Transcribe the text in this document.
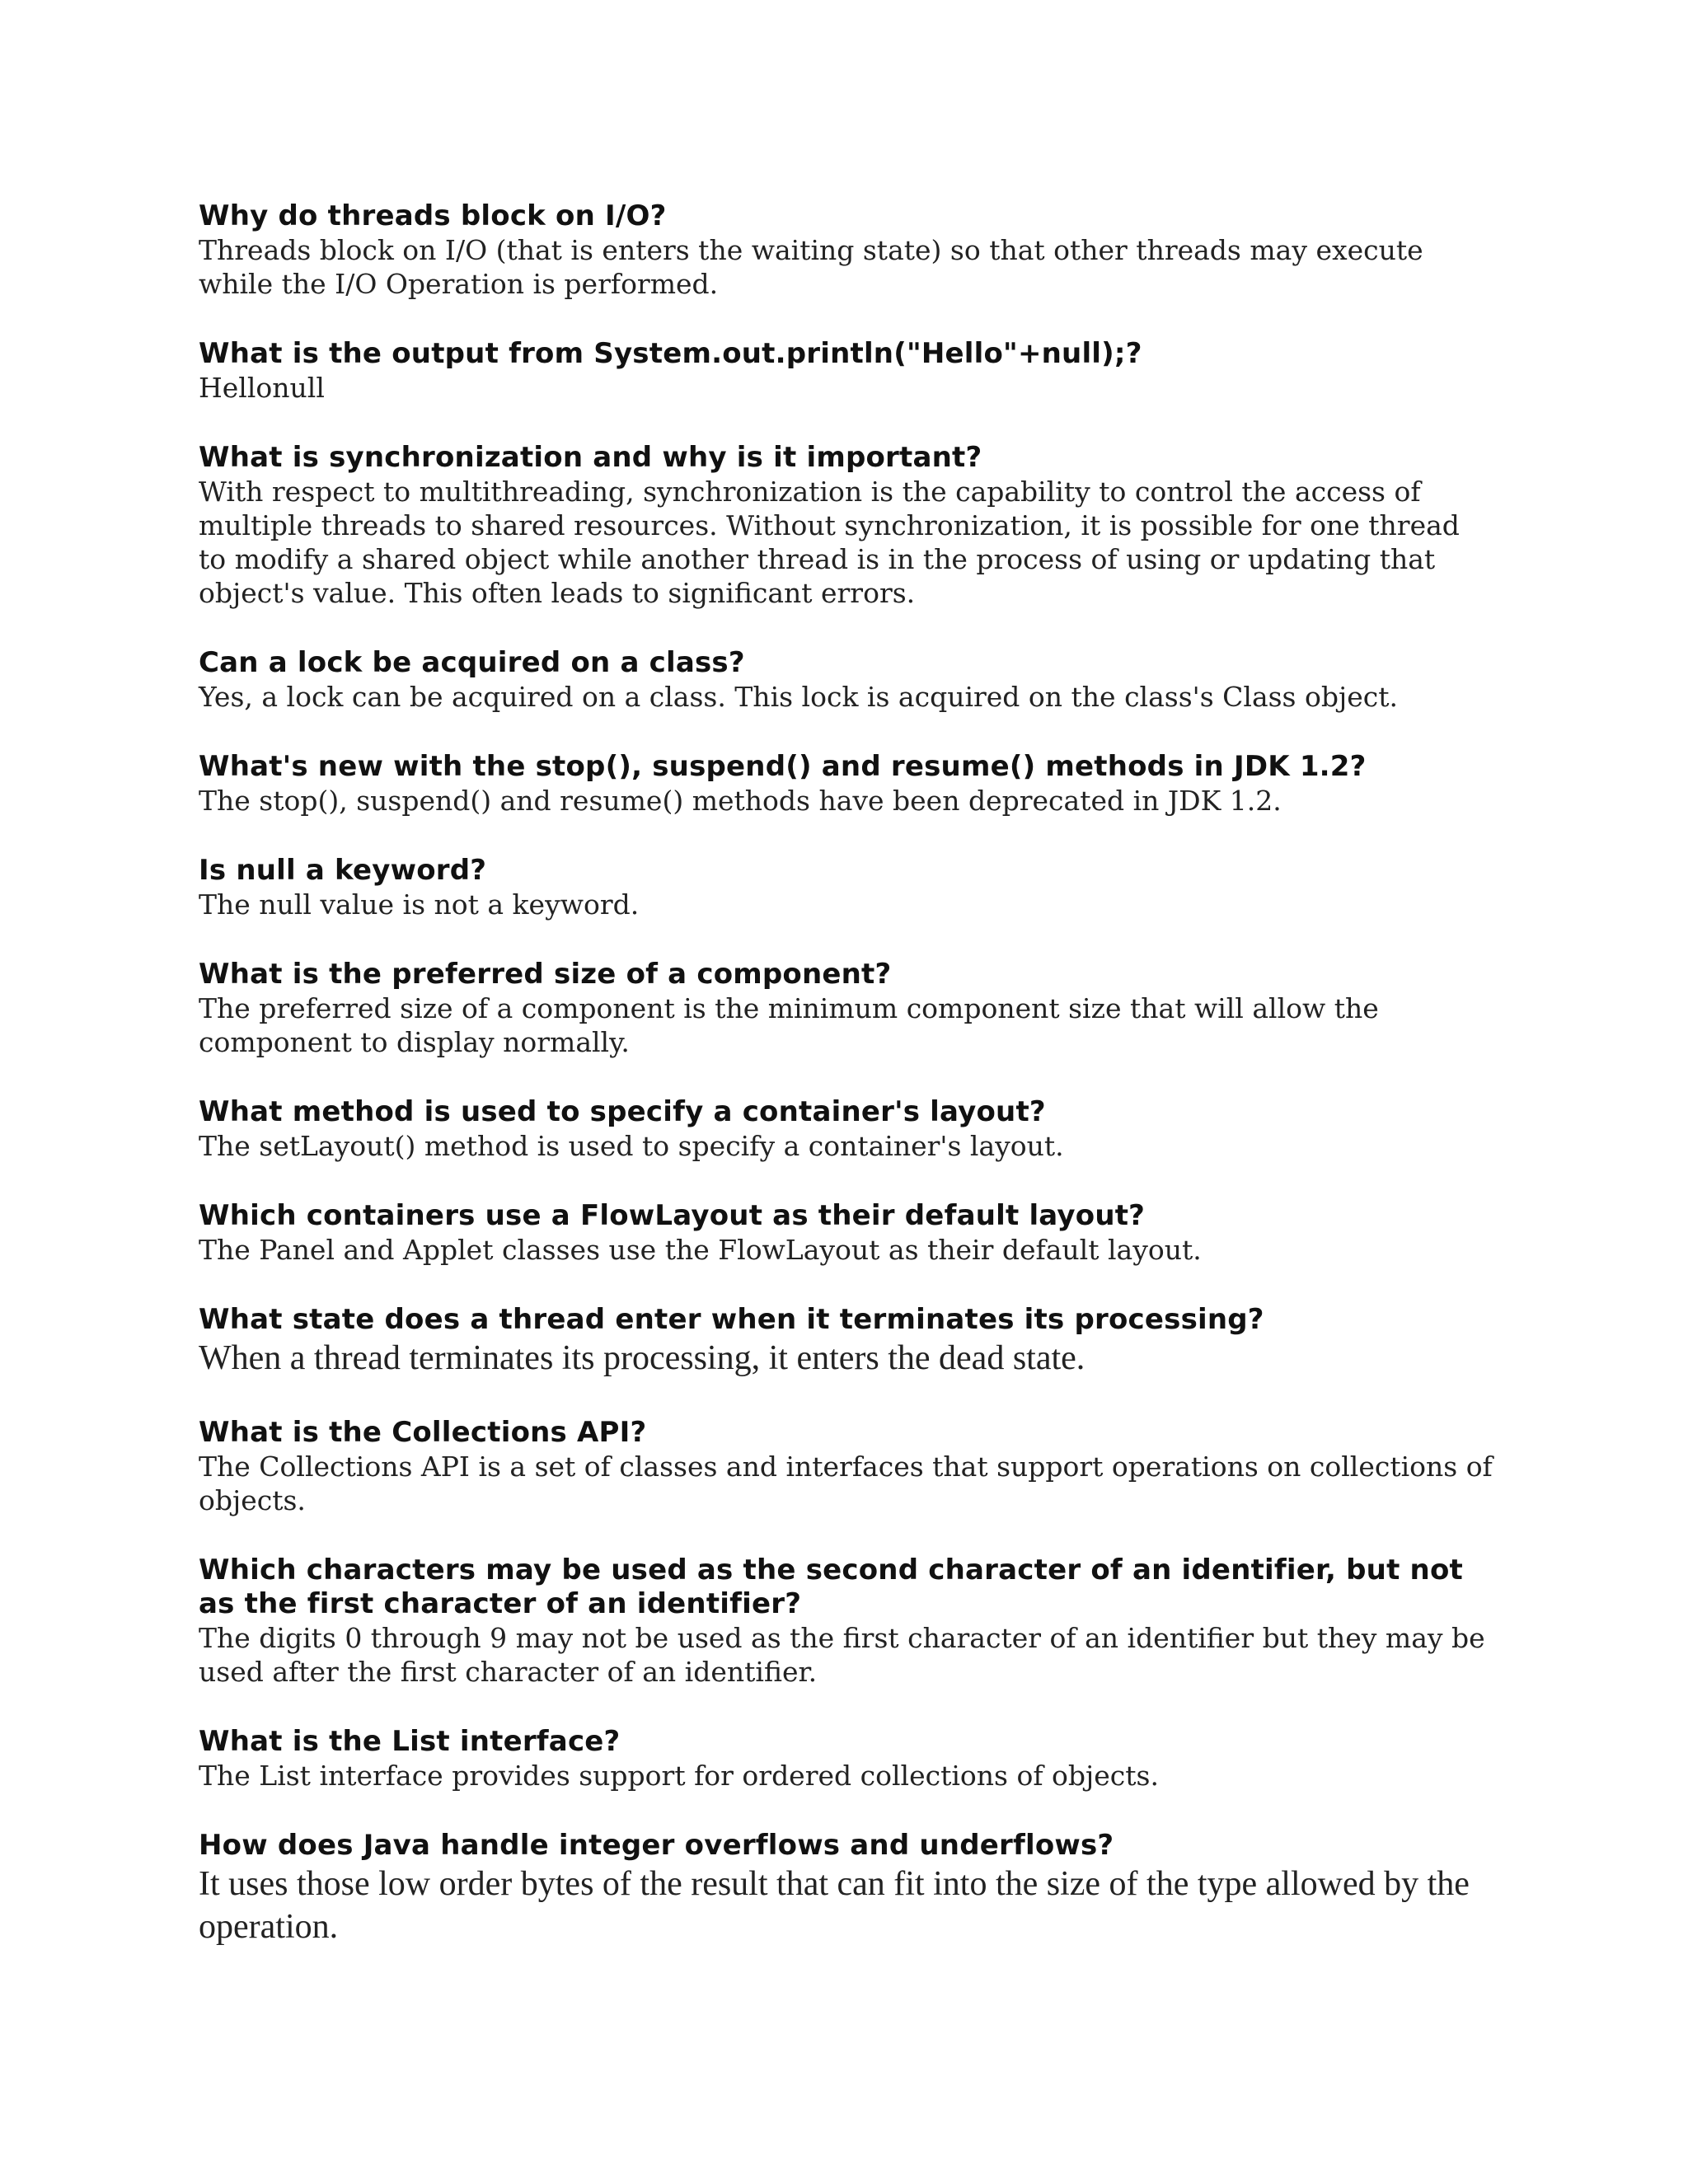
Why do threads block on I/O?

Threads block on I/O (that is enters the waiting state) so that other threads may execute while the I/O Operation is performed.

What is the output from System.out.println("Hello"+null);?

Hellonull

What is synchronization and why is it important?

With respect to multithreading, synchronization is the capability to control the access of multiple threads to shared resources. Without synchronization, it is possible for one thread to modify a shared object while another thread is in the process of using or updating that object's value. This often leads to significant errors.

Can a lock be acquired on a class?

Yes, a lock can be acquired on a class. This lock is acquired on the class's Class object.

What's new with the stop(), suspend() and resume() methods in JDK 1.2?

The stop(), suspend() and resume() methods have been deprecated in JDK 1.2.

Is null a keyword?

The null value is not a keyword.

What is the preferred size of a component?

The preferred size of a component is the minimum component size that will allow the component to display normally.

What method is used to specify a container's layout?

The setLayout() method is used to specify a container's layout.

Which containers use a FlowLayout as their default layout?

The Panel and Applet classes use the FlowLayout as their default layout.

What state does a thread enter when it terminates its processing?

When a thread terminates its processing, it enters the dead state.

What is the Collections API?

The Collections API is a set of classes and interfaces that support operations on collections of objects.

Which characters may be used as the second character of an identifier, but not as the first character of an identifier?

The digits 0 through 9 may not be used as the first character of an identifier but they may be used after the first character of an identifier.

What is the List interface?

The List interface provides support for ordered collections of objects.

How does Java handle integer overflows and underflows?

It uses those low order bytes of the result that can fit into the size of the type allowed by the operation.
